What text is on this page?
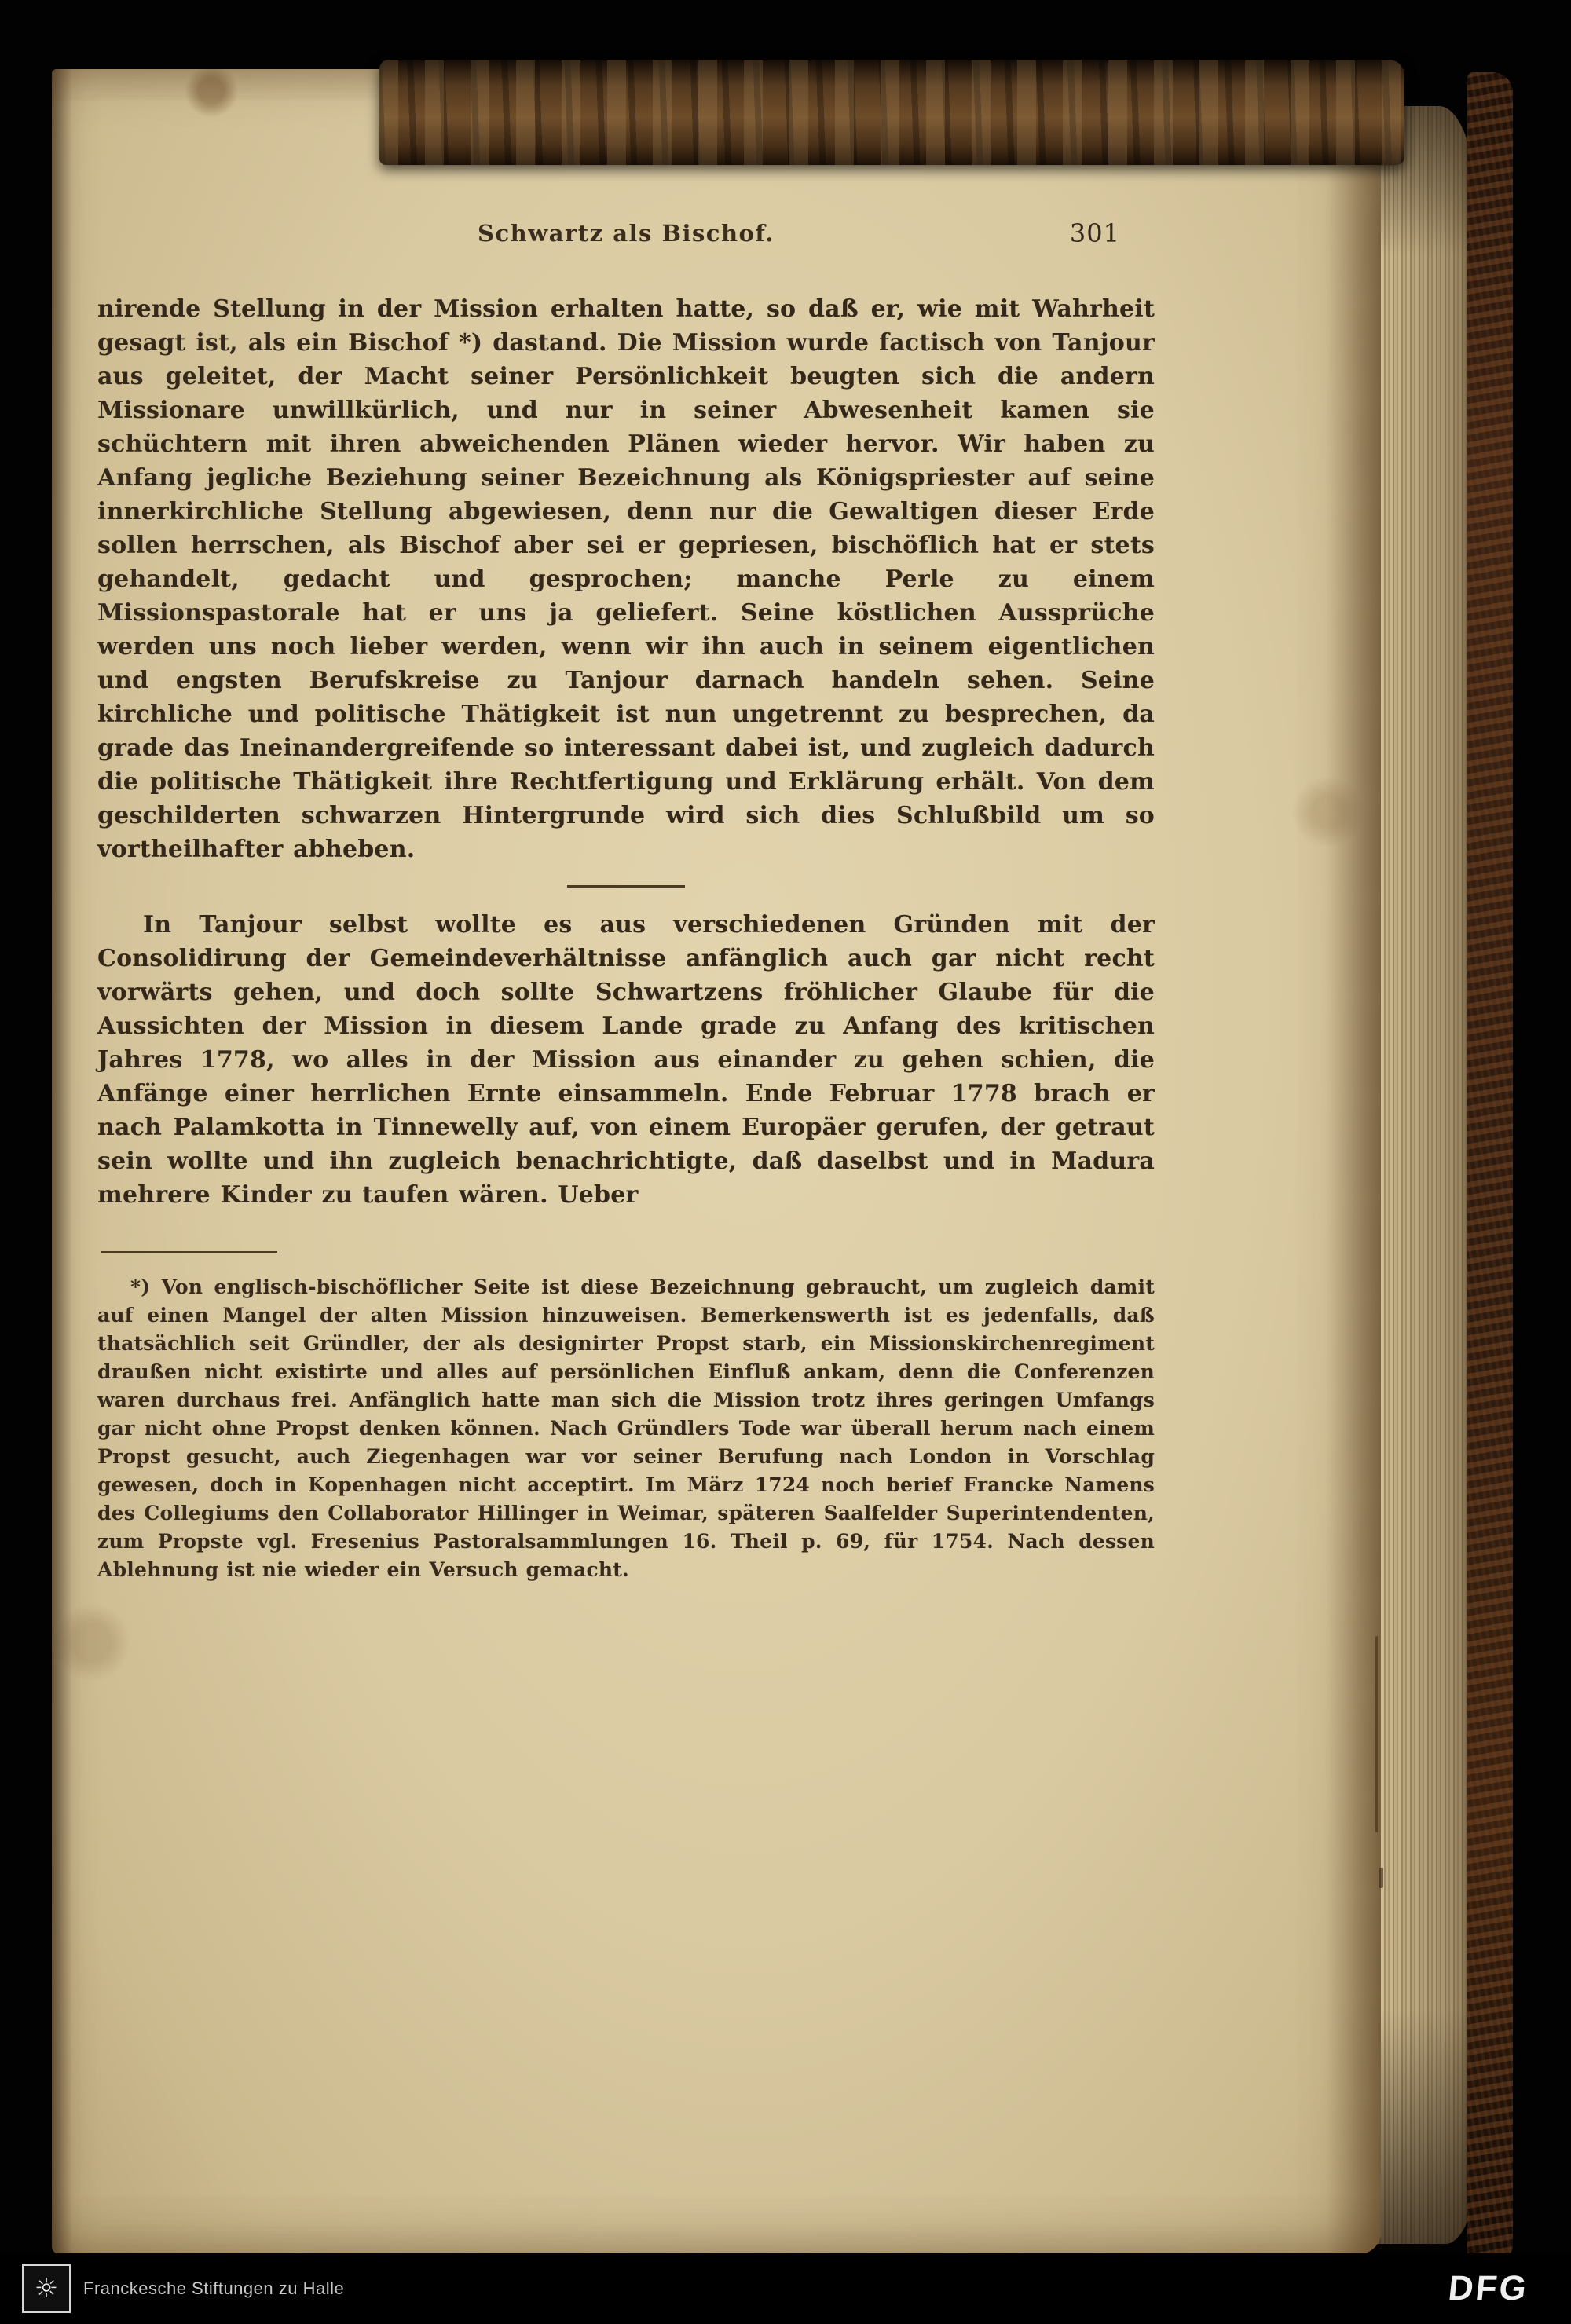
Schwartz als Bischof.	301

nirende Stellung in der Mission erhalten hatte, so daß er, wie mit Wahrheit gesagt ist, als ein Bischof *) dastand. Die Mission wurde factisch von Tanjour aus geleitet, der Macht seiner Persönlichkeit beugten sich die andern Missionare unwillkürlich, und nur in seiner Abwesenheit kamen sie schüchtern mit ihren abweichenden Plänen wieder hervor. Wir haben zu Anfang jegliche Beziehung seiner Bezeichnung als Königspriester auf seine innerkirchliche Stellung abgewiesen, denn nur die Gewaltigen dieser Erde sollen herrschen, als Bischof aber sei er gepriesen, bischöflich hat er stets gehandelt, gedacht und gesprochen; manche Perle zu einem Missionspastorale hat er uns ja geliefert. Seine köstlichen Aussprüche werden uns noch lieber werden, wenn wir ihn auch in seinem eigentlichen und engsten Berufskreise zu Tanjour darnach handeln sehen. Seine kirchliche und politische Thätigkeit ist nun ungetrennt zu besprechen, da grade das Ineinandergreifende so interessant dabei ist, und zugleich dadurch die politische Thätigkeit ihre Rechtfertigung und Erklärung erhält. Von dem geschilderten schwarzen Hintergrunde wird sich dies Schlußbild um so vortheilhafter abheben.

In Tanjour selbst wollte es aus verschiedenen Gründen mit der Consolidirung der Gemeindeverhältnisse anfänglich auch gar nicht recht vorwärts gehen, und doch sollte Schwartzens fröhlicher Glaube für die Aussichten der Mission in diesem Lande grade zu Anfang des kritischen Jahres 1778, wo alles in der Mission aus einander zu gehen schien, die Anfänge einer herrlichen Ernte einsammeln. Ende Februar 1778 brach er nach Palamkotta in Tinnewelly auf, von einem Europäer gerufen, der getraut sein wollte und ihn zugleich benachrichtigte, daß daselbst und in Madura mehrere Kinder zu taufen wären. Ueber

*) Von englisch-bischöflicher Seite ist diese Bezeichnung gebraucht, um zugleich damit auf einen Mangel der alten Mission hinzuweisen. Bemerkenswerth ist es jedenfalls, daß thatsächlich seit Gründler, der als designirter Propst starb, ein Missionskirchenregiment draußen nicht existirte und alles auf persönlichen Einfluß ankam, denn die Conferenzen waren durchaus frei. Anfänglich hatte man sich die Mission trotz ihres geringen Umfangs gar nicht ohne Propst denken können. Nach Gründlers Tode war überall herum nach einem Propst gesucht, auch Ziegenhagen war vor seiner Berufung nach London in Vorschlag gewesen, doch in Kopenhagen nicht acceptirt. Im März 1724 noch berief Francke Namens des Collegiums den Collaborator Hillinger in Weimar, späteren Saalfelder Superintendenten, zum Propste vgl. Fresenius Pastoralsammlungen 16. Theil p. 69, für 1754. Nach dessen Ablehnung ist nie wieder ein Versuch gemacht.

☼	Franckesche Stiftungen zu Halle	DFG
